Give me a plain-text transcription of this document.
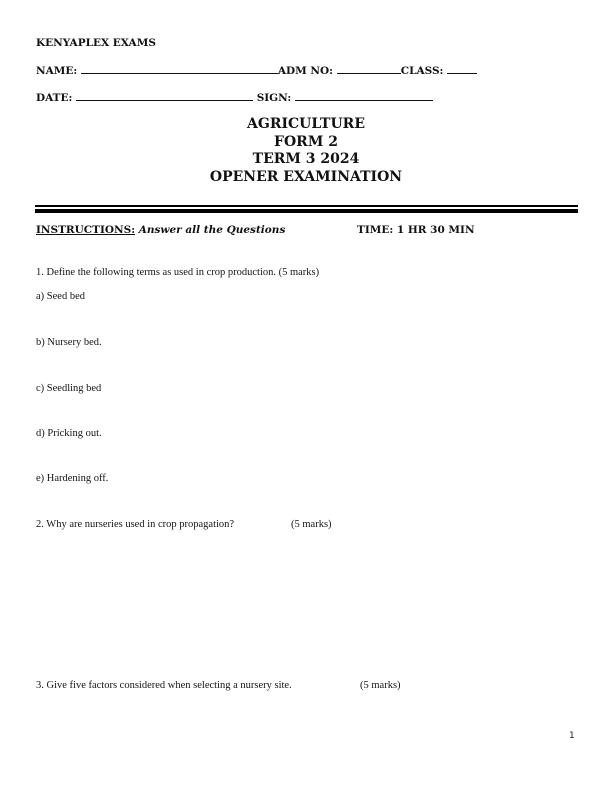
KENYAPLEX EXAMS
NAME:	ADM NO:	CLASS:
DATE:	SIGN:
AGRICULTURE
FORM 2
TERM 3 2024
OPENER EXAMINATION
INSTRUCTIONS: Answer all the Questions	TIME: 1 HR 30 MIN
1. Define the following terms as used in crop production. (5 marks)
a) Seed bed
b) Nursery bed.
c) Seedling bed
d) Pricking out.
e) Hardening off.
2. Why are nurseries used in crop propagation?	(5 marks)
3. Give five factors considered when selecting a nursery site.	(5 marks)
1
